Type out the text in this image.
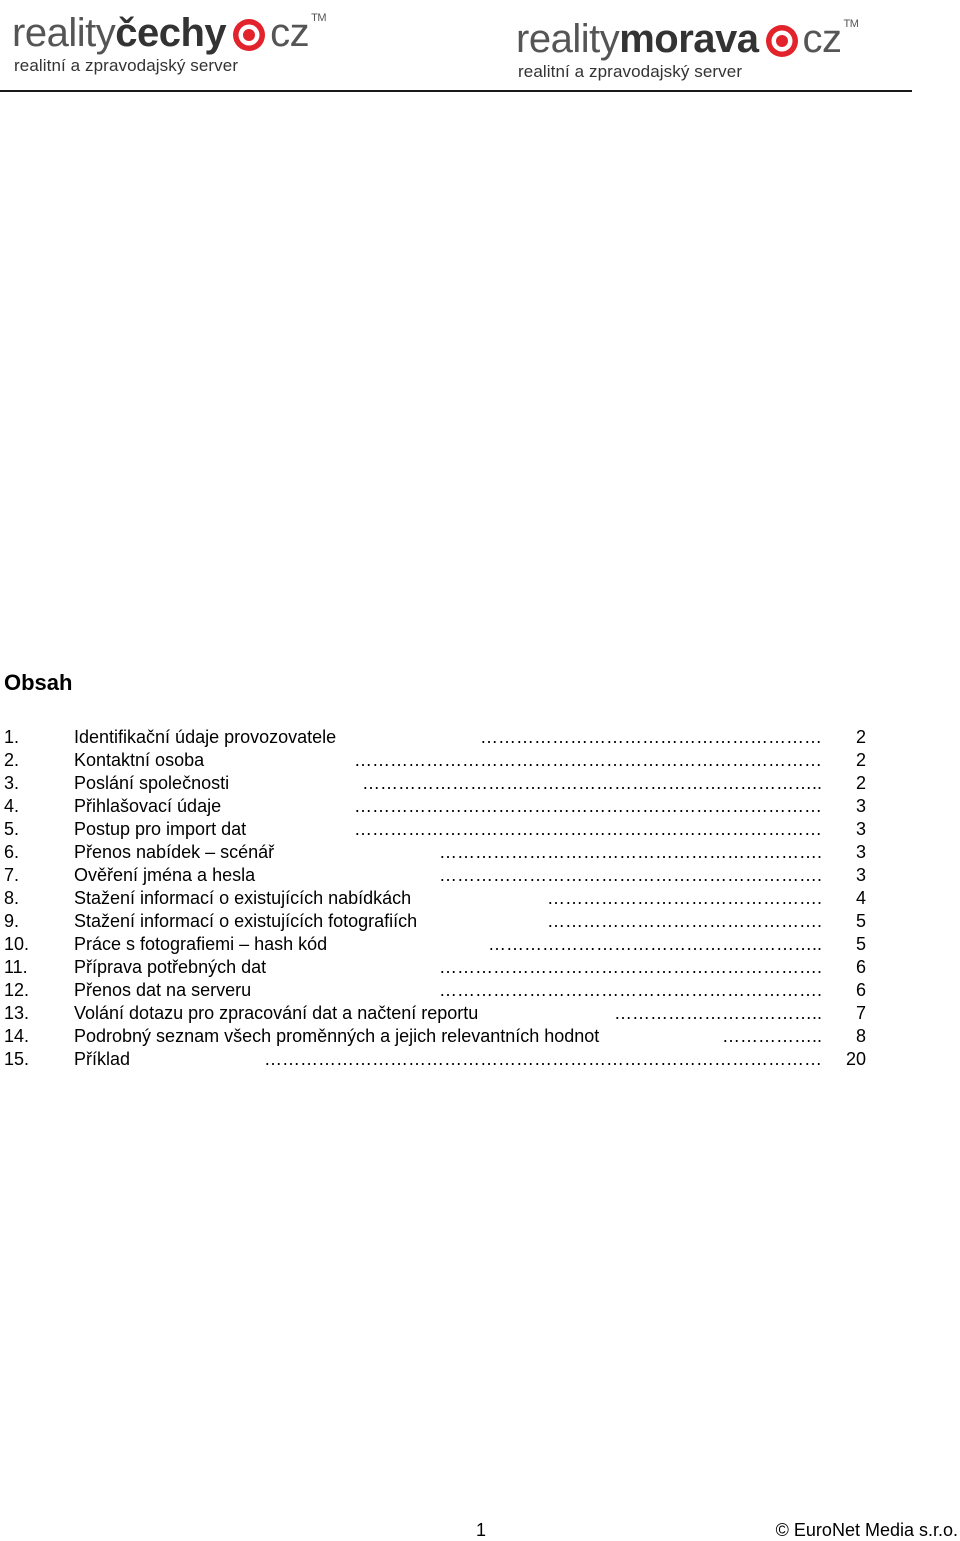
reality čechy cz TM
realitní a zpravodajský server
reality morava cz TM
realitní a zpravodajský server
Obsah
1.	Identifikační údaje provozovatele	………………………………………………… 2
2.	Kontaktní osoba	…………………………………………………………………… 2
3.	Poslání společnosti	………………………………………………………………….. 2
4.	Přihlašovací údaje	…………………………………………………………………… 3
5.	Postup pro import dat	…………………………………………………………………… 3
6.	Přenos nabídek – scénář	………………………………………………………. 3
7.	Ověření jména a hesla	………………………………………………………. 3
8.	Stažení informací o existujících nabídkách	………………………………………. 4
9.	Stažení informací o existujících fotografiích	………………………………………. 5
10. Práce s fotografiemi – hash kód	……………………………………………….. 5
11.	Příprava potřebných dat	………………………………………………………. 6
12. Přenos dat na serveru	………………………………………………………. 6
13. Volání dotazu pro zpracování dat a načtení reportu	…………………………….. 7
14. Podrobný seznam všech proměnných a jejich relevantních hodnot	…………….. 8
15. Příklad	………………………………………………………………………………… 20
1	© EuroNet Media s.r.o.
